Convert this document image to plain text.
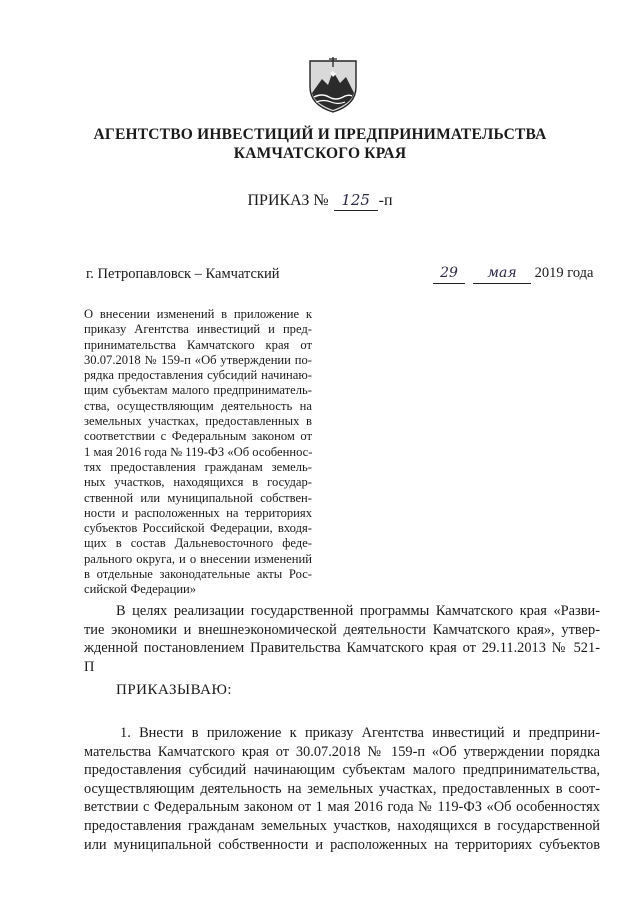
АГЕНТСТВО ИНВЕСТИЦИЙ И ПРЕДПРИНИМАТЕЛЬСТВА
КАМЧАТСКОГО КРАЯ
ПРИКАЗ № 125 -п
г. Петропавловск – Камчатский	29 мая 2019 года
О внесении изменений в приложение к
приказу Агентства инвестиций и пред-
принимательства Камчатского края от
30.07.2018 № 159-п «Об утверждении по-
рядка предоставления субсидий начинаю-
щим субъектам малого предприниматель-
ства, осуществляющим деятельность на
земельных участках, предоставленных в
соответствии с Федеральным законом от
1 мая 2016 года № 119-ФЗ «Об особеннос-
тях предоставления гражданам земель-
ных участков, находящихся в государ-
ственной или муниципальной собствен-
ности и расположенных на территориях
субъектов Российской Федерации, входя-
щих в состав Дальневосточного феде-
рального округа, и о внесении изменений
в отдельные законодательные акты Рос-
сийской Федерации»
В целях реализации государственной программы Камчатского края «Разви-
тие экономики и внешнеэкономической деятельности Камчатского края», утвер-
жденной постановлением Правительства Камчатского края от 29.11.2013 № 521-
П
ПРИКАЗЫВАЮ:
1. Внести в приложение к приказу Агентства инвестиций и предприни-
мательства Камчатского края от 30.07.2018 № 159-п «Об утверждении порядка
предоставления субсидий начинающим субъектам малого предпринимательства,
осуществляющим деятельность на земельных участках, предоставленных в соот-
ветствии с Федеральным законом от 1 мая 2016 года № 119-ФЗ «Об особенностях
предоставления гражданам земельных участков, находящихся в государственной
или муниципальной собственности и расположенных на территориях субъектов
